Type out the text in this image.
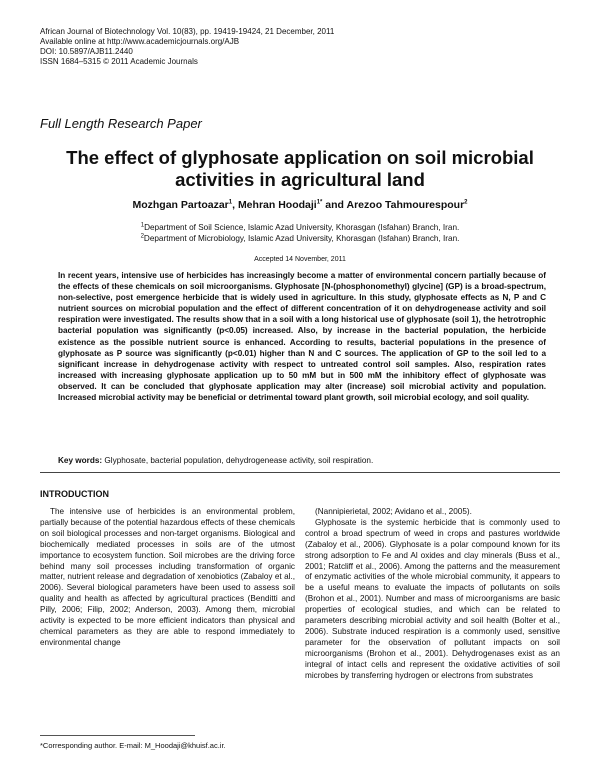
African Journal of Biotechnology Vol. 10(83), pp. 19419-19424, 21 December, 2011
Available online at http://www.academicjournals.org/AJB
DOI: 10.5897/AJB11.2440
ISSN 1684–5315 © 2011 Academic Journals
Full Length Research Paper
The effect of glyphosate application on soil microbial activities in agricultural land
Mozhgan Partoazar$^1$, Mehran Hoodaji$^{1*}$ and Arezoo Tahmourespour$^2$
$^1$Department of Soil Science, Islamic Azad University, Khorasgan (Isfahan) Branch, Iran.
$^2$Department of Microbiology, Islamic Azad University, Khorasgan (Isfahan) Branch, Iran.
Accepted 14 November, 2011
In recent years, intensive use of herbicides has increasingly become a matter of environmental concern partially because of the effects of these chemicals on soil microorganisms. Glyphosate [N-(phosphonomethyl) glycine] (GP) is a broad-spectrum, non-selective, post emergence herbicide that is widely used in agriculture. In this study, glyphosate effects as N, P and C nutrient sources on microbial population and the effect of different concentration of it on dehydrogenease activity and soil respiration were investigated. The results show that in a soil with a long historical use of glyphosate (soil 1), the hetrotrophic bacterial population was significantly (p<0.05) increased. Also, by increase in the bacterial population, the herbicide existence as the possible nutrient source is enhanced. According to results, bacterial populations in the presence of glyphosate as P source was significantly (p<0.01) higher than N and C sources. The application of GP to the soil led to a significant increase in dehydrogenase activity with respect to untreated control soil samples. Also, respiration rates increased with increasing glyphosate application up to 50 mM but in 500 mM the inhibitory effect of glyphosate was observed. It can be concluded that glyphosate application may alter (increase) soil microbial activity and population. Increased microbial activity may be beneficial or detrimental toward plant growth, soil microbial ecology, and soil quality.
Key words: Glyphosate, bacterial population, dehydrogenease activity, soil respiration.
INTRODUCTION

The intensive use of herbicides is an environmental problem, partially because of the potential hazardous effects of these chemicals on soil biological processes and non-target organisms. Biological and biochemically mediated processes in soils are of the utmost importance to ecosystem function. Soil microbes are the driving force behind many soil processes including transformation of organic matter, nutrient release and degradation of xenobiotics (Zabaloy et al., 2006). Several biological parameters have been used to assess soil quality and health as affected by agricultural practices (Benditti and Pilly, 2006; Filip, 2002; Anderson, 2003). Among them, microbial activity is expected to be more efficient indicators than physical and chemical parameters as they are able to respond immediately to environmental change

(Nannipierietal, 2002; Avidano et al., 2005).

Glyphosate is the systemic herbicide that is commonly used to control a broad spectrum of weed in crops and pastures worldwide (Zabaloy et al., 2006). Glyphosate is a polar compound known for its strong adsorption to Fe and Al oxides and clay minerals (Buss et al., 2001; Ratcliff et al., 2006). Among the patterns and the measurement of enzymatic activities of the whole microbial community, it appears to be a useful means to evaluate the impacts of pollutants on soils (Brohon et al., 2001). Number and mass of microorganisms are basic properties of ecological studies, and which can be related to parameters describing microbial activity and soil health (Bolter et al., 2006). Substrate induced respiration is a commonly used, sensitive parameter for the observation of pollutant impacts on soil microorganisms (Brohon et al., 2001). Dehydrogenases exist as an integral of intact cells and represent the oxidative activities of soil microbes by transferring hydrogen or electrons from substrates

*Corresponding author. E-mail: M_Hoodaji@khuisf.ac.ir.
